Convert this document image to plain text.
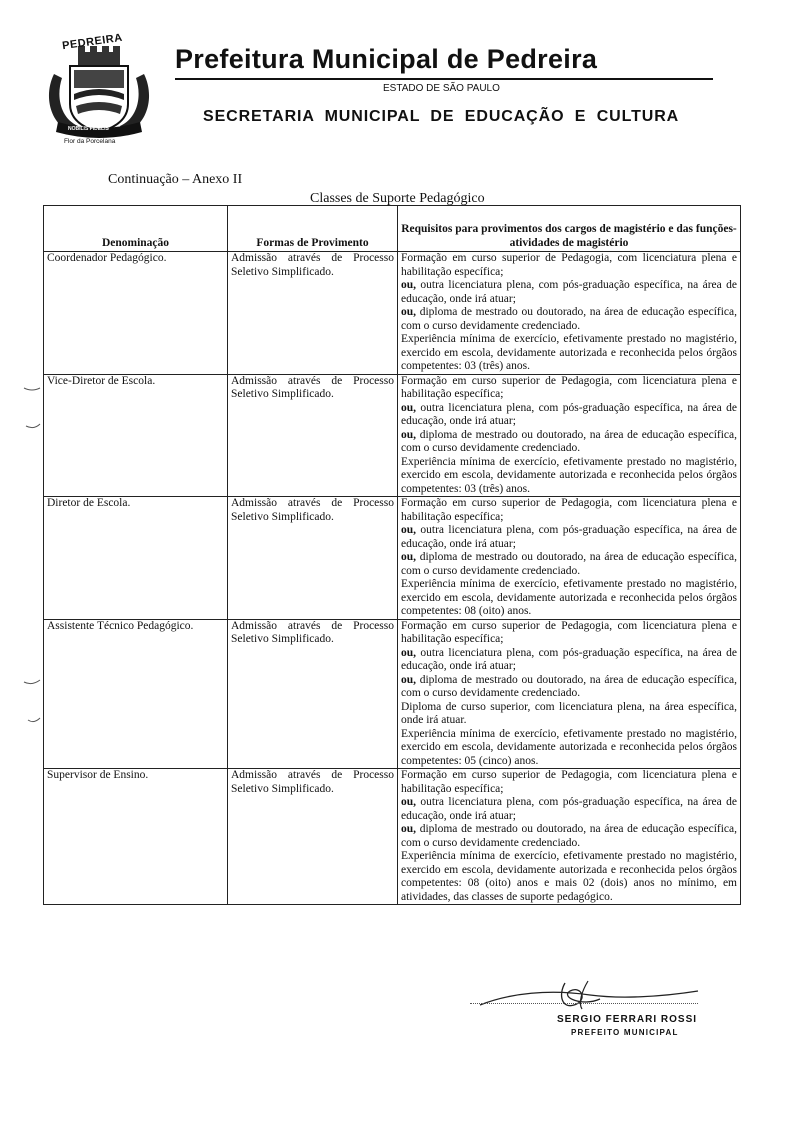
PEDREIRA
NOBILIS FIDELIS
Flor da Porcelana
Prefeitura Municipal de Pedreira
ESTADO DE SÃO PAULO
SECRETARIA MUNICIPAL DE EDUCAÇÃO E CULTURA
Continuação – Anexo II
Classes de Suporte Pedagógico
Denominação	Formas de Provimento	Requisitos para provimentos dos cargos de magistério e das funções-atividades de magistério
Coordenador Pedagógico.	Admissão através de Processo Seletivo Simplificado.	Formação em curso superior de Pedagogia, com licenciatura plena e habilitação específica;

ou, outra licenciatura plena, com pós-graduação específica, na área de educação, onde irá atuar;

ou, diploma de mestrado ou doutorado, na área de educação específica, com o curso devidamente credenciado.

Experiência mínima de exercício, efetivamente prestado no magistério, exercido em escola, devidamente autorizada e reconhecida pelos órgãos competentes: 03 (três) anos.

Vice-Diretor de Escola.	Admissão através de Processo Seletivo Simplificado.	Formação em curso superior de Pedagogia, com licenciatura plena e habilitação específica;

ou, outra licenciatura plena, com pós-graduação específica, na área de educação, onde irá atuar;

ou, diploma de mestrado ou doutorado, na área de educação específica, com o curso devidamente credenciado.

Experiência mínima de exercício, efetivamente prestado no magistério, exercido em escola, devidamente autorizada e reconhecida pelos órgãos competentes: 03 (três) anos.

Diretor de Escola.	Admissão através de Processo Seletivo Simplificado.	Formação em curso superior de Pedagogia, com licenciatura plena e habilitação específica;

ou, outra licenciatura plena, com pós-graduação específica, na área de educação, onde irá atuar;

ou, diploma de mestrado ou doutorado, na área de educação específica, com o curso devidamente credenciado.

Experiência mínima de exercício, efetivamente prestado no magistério, exercido em escola, devidamente autorizada e reconhecida pelos órgãos competentes: 08 (oito) anos.

Assistente Técnico Pedagógico.	Admissão através de Processo Seletivo Simplificado.	Formação em curso superior de Pedagogia, com licenciatura plena e habilitação específica;

ou, outra licenciatura plena, com pós-graduação específica, na área de educação, onde irá atuar;

ou, diploma de mestrado ou doutorado, na área de educação específica, com o curso devidamente credenciado.

Diploma de curso superior, com licenciatura plena, na área específica, onde irá atuar.

Experiência mínima de exercício, efetivamente prestado no magistério, exercido em escola, devidamente autorizada e reconhecida pelos órgãos competentes: 05 (cinco) anos.

Supervisor de Ensino.	Admissão através de Processo Seletivo Simplificado.	Formação em curso superior de Pedagogia, com licenciatura plena e habilitação específica;

ou, outra licenciatura plena, com pós-graduação específica, na área de educação, onde irá atuar;

ou, diploma de mestrado ou doutorado, na área de educação específica, com o curso devidamente credenciado.

Experiência mínima de exercício, efetivamente prestado no magistério, exercido em escola, devidamente autorizada e reconhecida pelos órgãos competentes: 08 (oito) anos e mais 02 (dois) anos no mínimo, em atividades, das classes de suporte pedagógico.

SERGIO FERRARI ROSSI
PREFEITO MUNICIPAL
